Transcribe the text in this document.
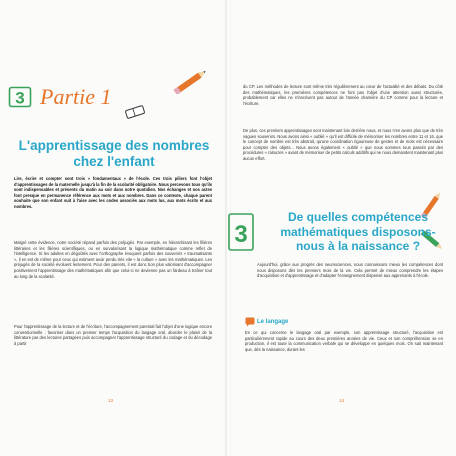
3 Partie 1
L'apprentissage des nombres chez l'enfant

Lire, écrire et compter sont trois « fondamentaux » de l'école. Ces trois piliers font l'objet d'apprentissages de la maternelle jusqu'à la fin de la scolarité obligatoire. Nous percevons tous qu'ils sont indispensables et présents du matin au soir dans notre quotidien. Nos échanges et nos actes font presque en permanence référence aux mots et aux nombres. Dans ce contexte, chaque parent souhaite que son enfant suit à l'aise avec les codes associés aux mots lus, aux mots écrits et aux nombres.

Malgré cette évidence, notre société répand parfois des préjugés. Par exemple, en hiérarchisant les filières littéraires et les filières scientifiques, ou en survalorisant la logique mathématique comme reflet de l'intelligence. Si les adultes en dégoûtés avec l'orthographe évoquent parfois des souvenirs « traumatisants », il en est de même pour ceux qui estiment avoir perdu très vite « la culture » avec les mathématiques. Les préjugés de la société évoluent lentement. Pour des parents, il est donc bon plus valorisant d'accompagner positivement l'apprentissage des mathématiques afin que celui-ci ne devienne pas un fardeau à traîner tout au long de la scolarité.

Pour l'apprentissage de la lecture et de l'écriture, l'accompagnement parental fait l'objet d'une logique encore conventionnelle : favoriser dans un premier temps l'acquisition du langage oral, aborder le plaisir de la littérature par des lectures partagées puis accompagner l'apprentissage structuré du codage et du décodage à partir

13

du CP. Les méthodes de lecture sont même très régulièrement au cœur de l'actualité et des débats. Du côté des mathématiques, les premières compétences ne font pas l'objet d'une attention aussi structurée, probablement car elles ne s'inscrivent pas autour de l'année charnière du CP comme pour la lecture et l'écriture.

De plus, ces premiers apprentissages sont maintenant loin derrière nous, et nous n'en avons plus que de très vagues souvenirs. Nous avons ainsi « oublié » qu'il est difficile de mémoriser les nombres entre 11 et 16, que le concept de nombre est très abstrait, qu'une coordination rigoureuse de gestes et de mots est nécessaire pour compter des objets... Nous avons également « oublié » que nous sommes tous passés par des procédures « ralouzes » avant de mémoriser de petits calculs additifs qui ne nous demandent maintenant plus aucun effort.

3
De quelles compétences mathématiques disposons-nous à la naissance ?

Aujourd'hui, grâce aux progrès des neurosciences, nous connaissons mieux les compétences dont nous disposons dès les premiers mois de la vie. Cela permet de mieux comprendre les étapes d'acquisition et d'apprentissage et d'adapter l'enseignement dispensé aux apprenants à l'école.

Le langage

En ce qui concerne le langage oral par exemple, son apprentissage structuré, l'acquisition est particulièrement rapide au cours des deux premières années de vie. Ceux et son compréhension se en production, il est toute la communication verbale qui se développe en quelques mois. On sait maintenant que, dès la naissance, durant les

14
